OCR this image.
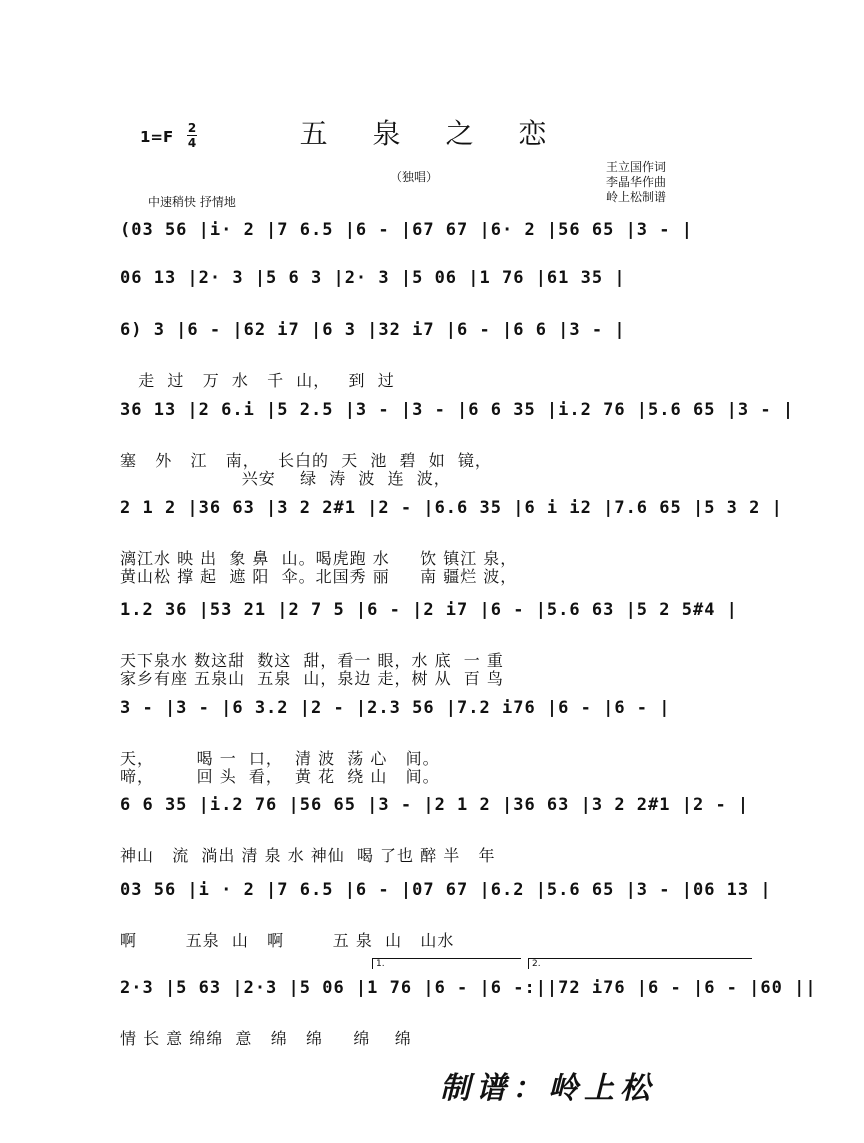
1=F 2
4	五 泉 之 恋
（独唱）
王立国作词
李晶华作曲
岭上松制谱
中速稍快 抒情地
(03 56 |i· 2 |7 6.5 |6 - |67 67 |6· 2 |56 65 |3 - |
06 13 |2· 3 |5 6 3 |2· 3 |5 06 |1 76 |61 35 |
6) 3 |6 - |62 i7 |6 3 |32 i7 |6 - |6 6 |3 - |
走  过   万  水   千  山，   到  过
36 13 |2 6.i |5 2.5 |3 - |3 - |6 6 35 |i.2 76 |5.6 65 |3 - |
塞   外   江   南，   长白的  天  池  碧  如  镜，
兴安    绿  涛  波  连  波，
2 1 2 |36 63 |3 2 2#1 |2 - |6.6 35 |6 i i2 |7.6 65 |5 3 2 |
漓江水 映 出  象 鼻  山。喝虎跑 水     饮 镇江 泉，
黄山松 撑 起  遮 阳  伞。北国秀 丽     南 疆烂 波，
1.2 36 |53 21 |2 7 5 |6 - |2 i7 |6 - |5.6 63 |5 2 5#4 |
天下泉水 数这甜  数这  甜，看一 眼，水 底  一 重
家乡有座 五泉山  五泉  山，泉边 走，树 从  百 鸟
3 - |3 - |6 3.2 |2 - |2.3 56 |7.2 i76 |6 - |6 - |
天，       喝 一  口，  清 波  荡 心   间。
啼，       回 头  看，  黄 花  绕 山   间。
6 6 35 |i.2 76 |56 65 |3 - |2 1 2 |36 63 |3 2 2#1 |2 - |
神山   流  淌出 清 泉 水 神仙  喝 了也 醉 半   年
03 56 |i · 2 |7 6.5 |6 - |07 67 |6.2 |5.6 65 |3 - |06 13 |
啊        五泉  山   啊        五 泉  山   山水
2·3 |5 63 |2·3 |5 06 |1 76 |6 - |6 -:||72 i76 |6 - |6 - |60 ||
情 长 意 绵绵  意   绵   绵     绵    绵
1.	2.
制谱：岭上松
